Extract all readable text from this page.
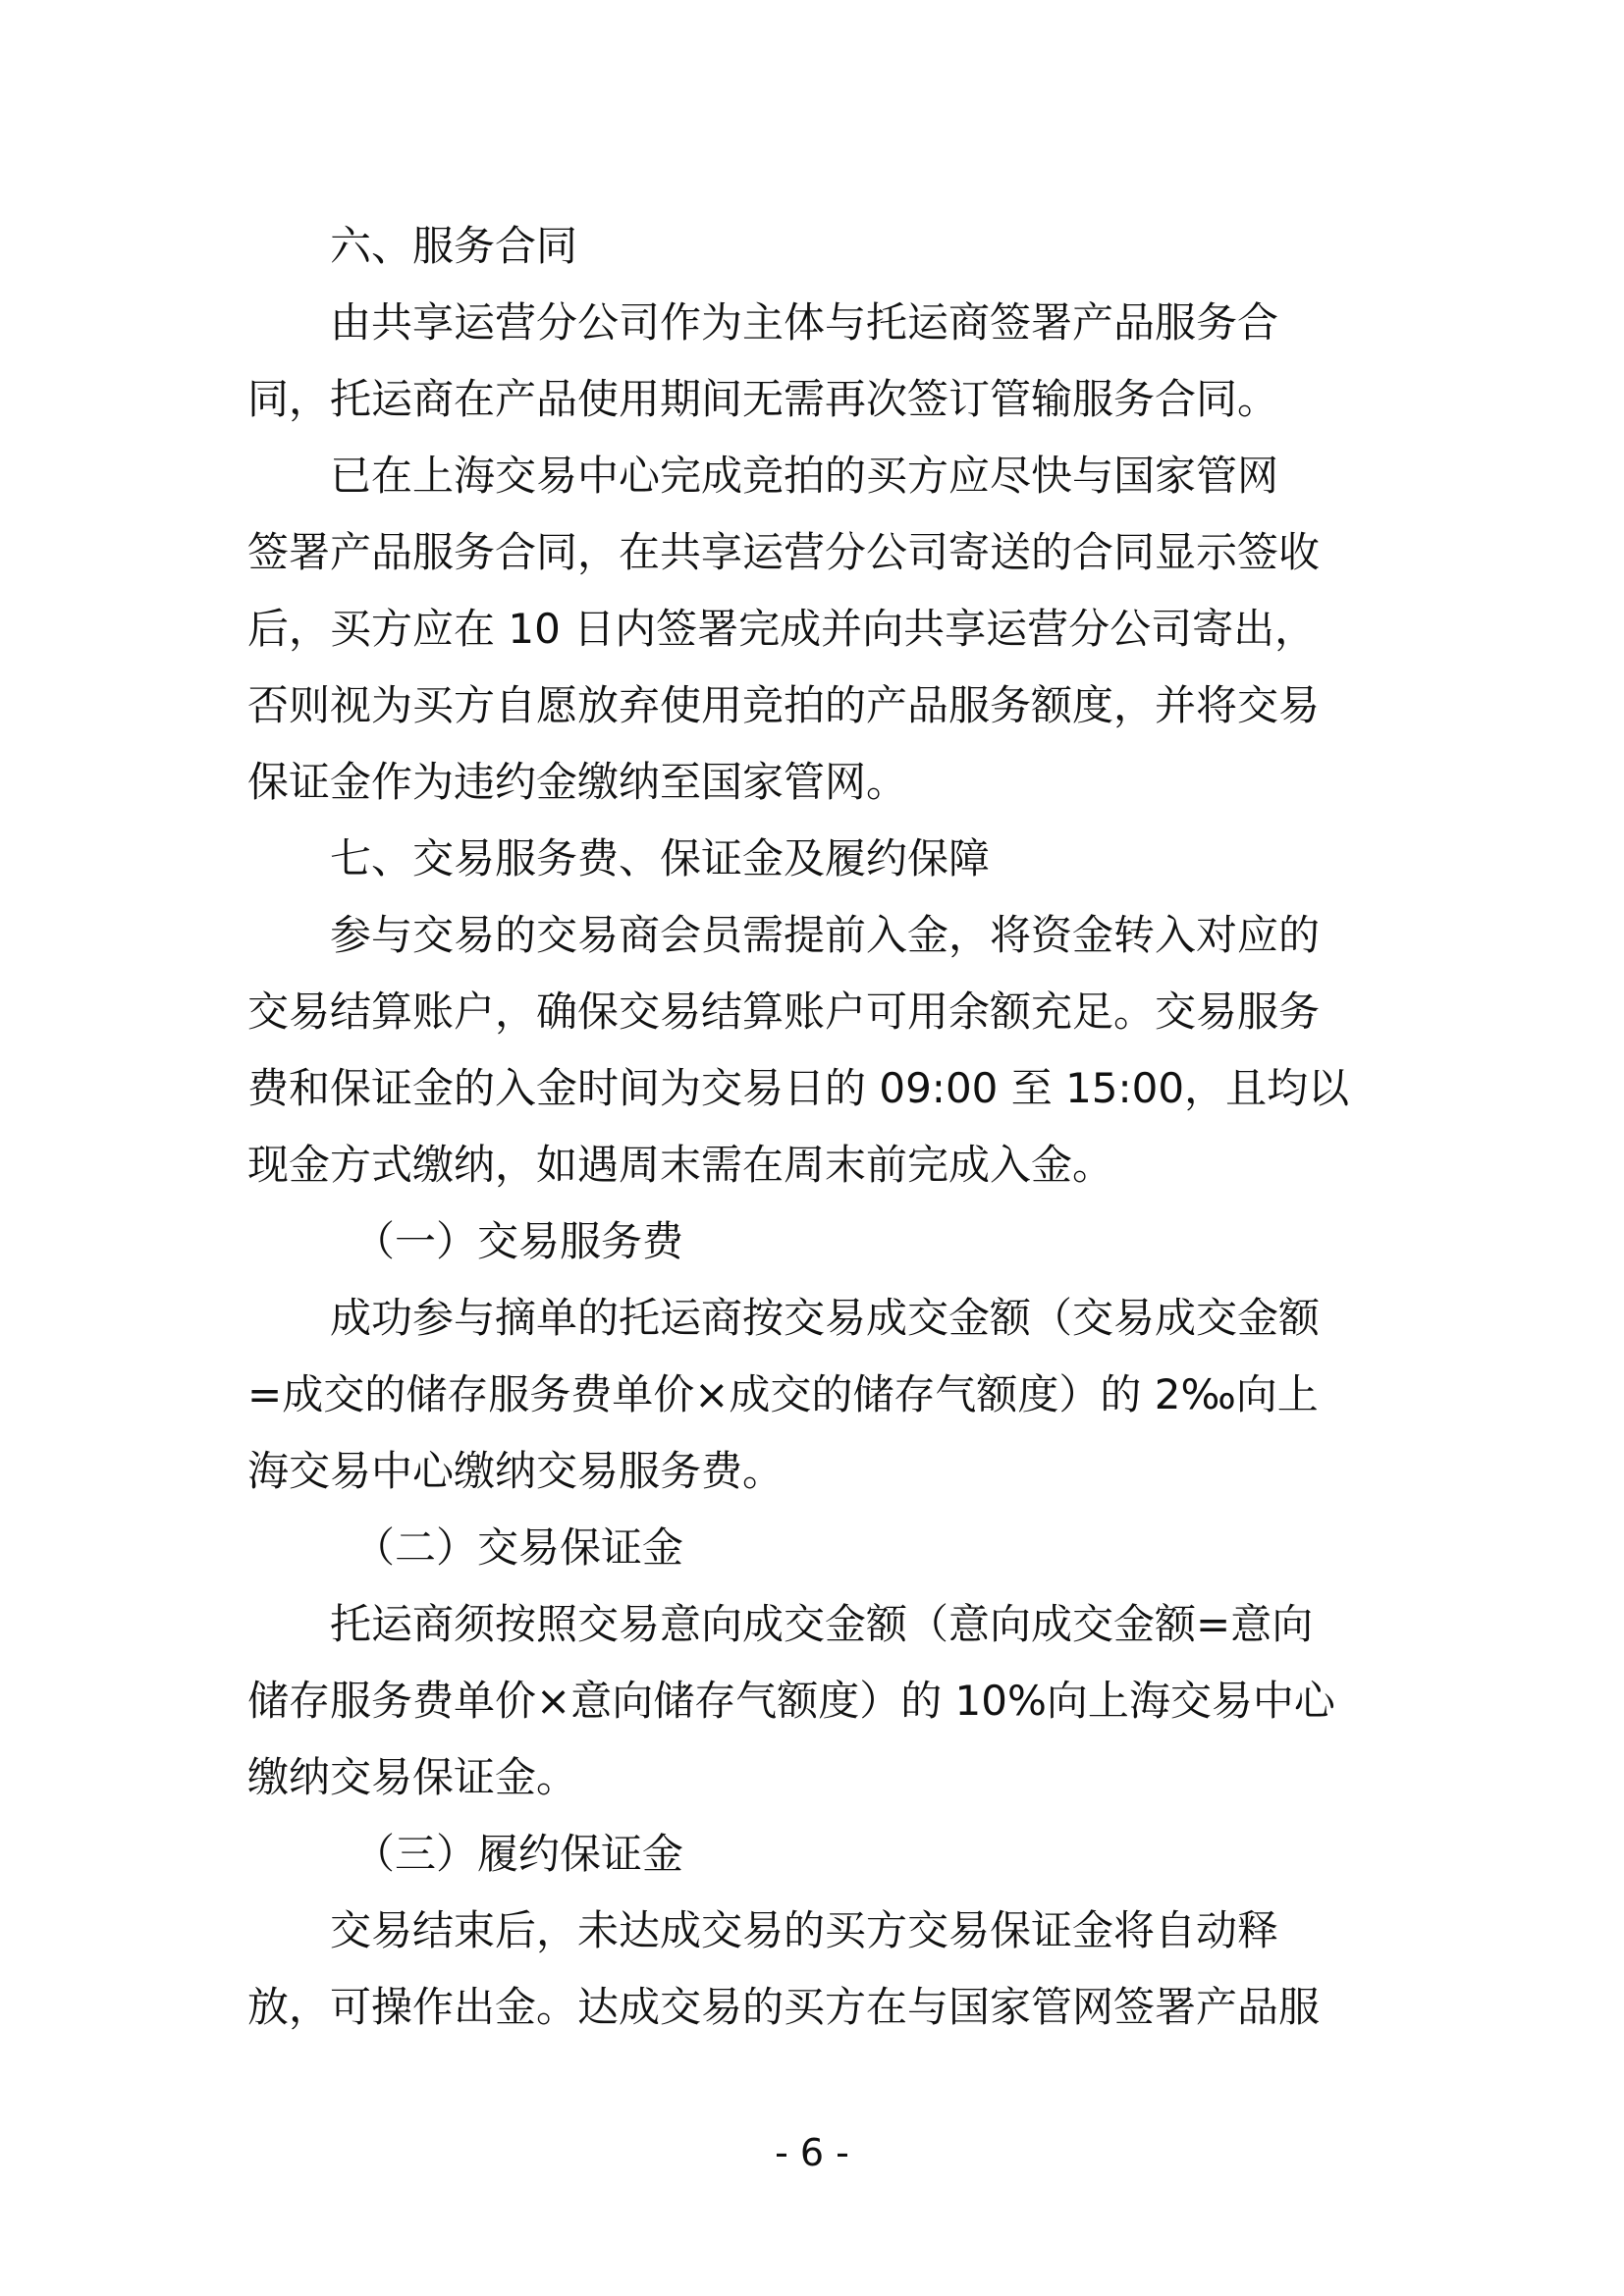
六、服务合同
由共享运营分公司作为主体与托运商签署产品服务合
同，托运商在产品使用期间无需再次签订管输服务合同。
已在上海交易中心完成竞拍的买方应尽快与国家管网
签署产品服务合同，在共享运营分公司寄送的合同显示签收
后，买方应在 10 日内签署完成并向共享运营分公司寄出，
否则视为买方自愿放弃使用竞拍的产品服务额度，并将交易
保证金作为违约金缴纳至国家管网。
七、交易服务费、保证金及履约保障
参与交易的交易商会员需提前入金，将资金转入对应的
交易结算账户，确保交易结算账户可用余额充足。交易服务
费和保证金的入金时间为交易日的 09:00 至 15:00，且均以
现金方式缴纳，如遇周末需在周末前完成入金。
（一）交易服务费
成功参与摘单的托运商按交易成交金额（交易成交金额
=成交的储存服务费单价×成交的储存气额度）的 2‰向上
海交易中心缴纳交易服务费。
（二）交易保证金
托运商须按照交易意向成交金额（意向成交金额=意向
储存服务费单价×意向储存气额度）的 10%向上海交易中心
缴纳交易保证金。
（三）履约保证金
交易结束后，未达成交易的买方交易保证金将自动释
放，可操作出金。达成交易的买方在与国家管网签署产品服
- 6 -
